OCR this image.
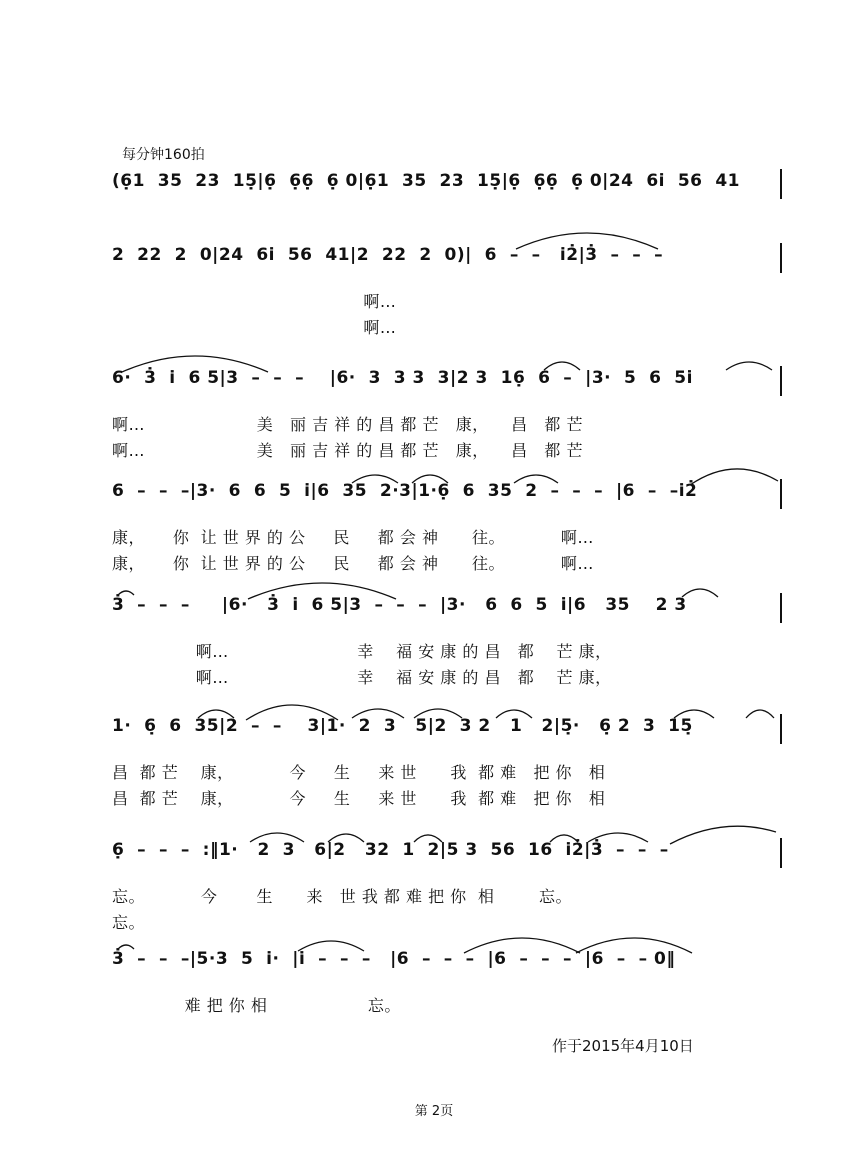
每分钟160拍
(6̣1  35  23  15̣|6̣  6̣6̣  6̣ 0|6̣1  35  23  15̣|6̣  6̣6̣  6̣ 0|24  6i̇  56  41
2  22  2  0|24  6i̇  56  41|2  22  2  0)|  6  –  –   i̇2̇|3̇  –  –  –
啊…
啊…
6·  3̇  i̇  6 5|3  –  –  –    |6·  3  3 3  3|2 3  16̣  6  –  |3·  5  6  5i̇
啊…                    美   丽 吉 祥 的 昌 都 芒   康，    昌   都 芒
啊…                    美   丽 吉 祥 的 昌 都 芒   康，    昌   都 芒
6  –  –  –|3·  6  6  5  i̇|6  35  2·3|1·6̣  6  35  2  –  –  –  |6  –  –i̇2̇
康，     你  让 世 界 的 公     民     都 会 神      往。          啊…
康，     你  让 世 界 的 公     民     都 会 神      往。          啊…
3̇  –  –  –     |6·   3̇  i̇  6 5|3  –  –  –  |3·   6  6  5  i̇|6   35    2 3
啊…                       幸    福 安 康 的 昌   都    芒 康，
啊…                       幸    福 安 康 的 昌   都    芒 康，
1·  6̣  6  35|2  –  –    3|1·  2  3   5|2  3 2   1   2|5̣·   6̣ 2  3  15̣
昌  都 芒    康，          今     生     来 世      我  都 难   把 你   相
昌  都 芒    康，          今     生     来 世      我  都 难   把 你   相
6̣  –  –  –  :‖1·   2  3   6|2   32  1  2|5 3  56  16  i̇2̇|3̇  –  –  –
忘。          今       生      来   世 我 都 难 把 你  相        忘。
忘。
3̇  –  –  –|5·3  5  i̇·  |i̇  –  –  –   |6  –  –  –  |6  –  –  –  |6  –  – 0‖
难 把 你 相                  忘。
作于2015年4月10日
第 2页
